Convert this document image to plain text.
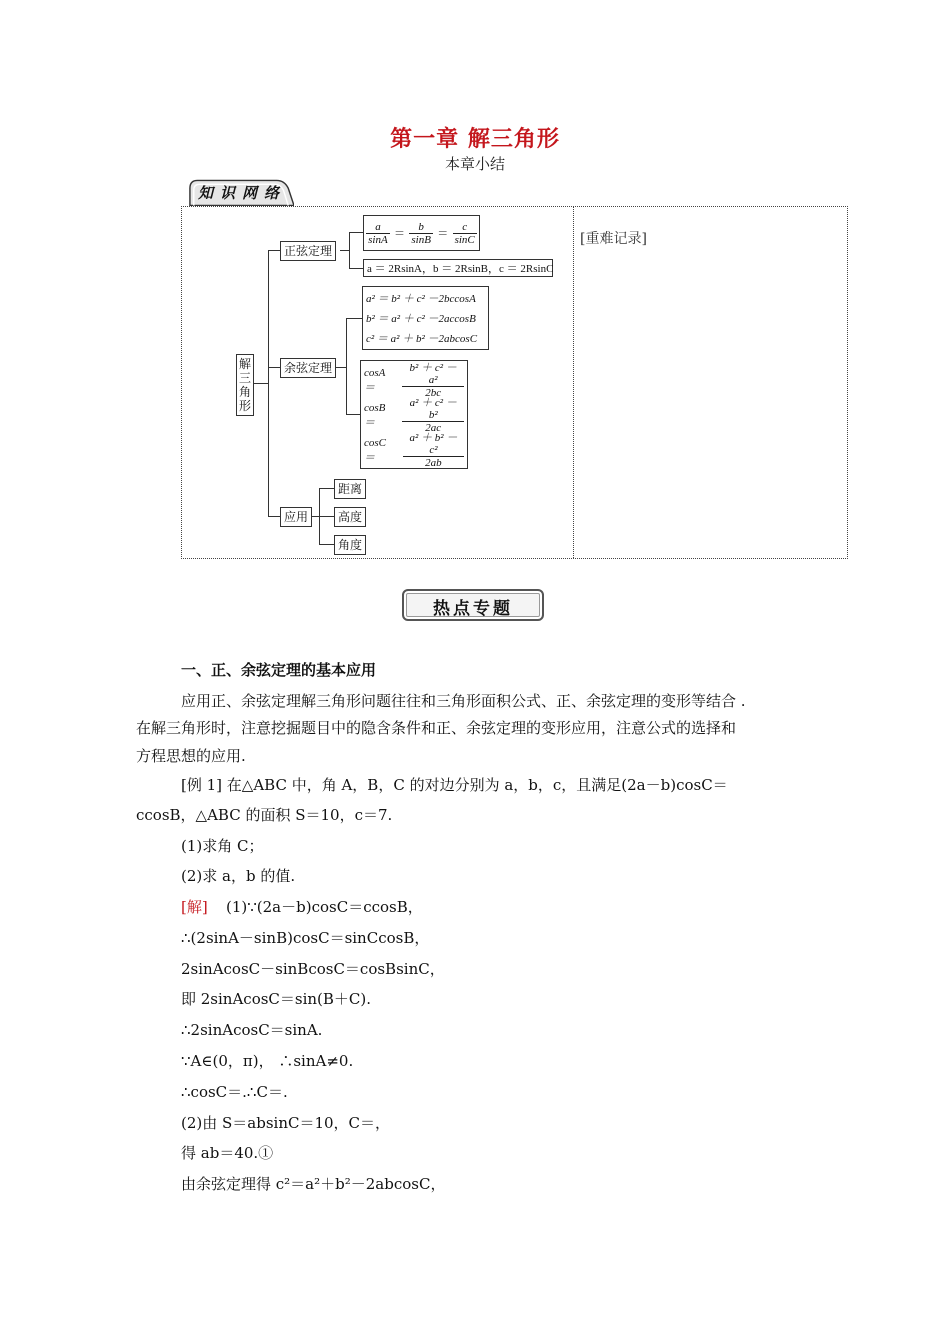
第一章 解三角形
本章小结
知识网络
[重难记录]
解
三
角
形
正弦定理
余弦定理
应用
$\frac{a}{\sin A} = \frac{b}{\sin B} = \frac{c}{\sin C}$
a ＝ 2RsinA，b ＝ 2RsinB，c ＝ 2RsinC
a² ＝ b² ＋ c² －2bccosA
b² ＝ a² ＋ c² －2accosB
c² ＝ a² ＋ b² －2abcosC
cosA ＝	$\frac{\text{b² ＋ c² － a²}}{2bc}$
cosB ＝	$\frac{\text{a² ＋ c² － b²}}{2ac}$
cosC ＝	$\frac{\text{a² ＋ b² － c²}}{2ab}$
距离
高度
角度
热点专题
一、正、余弦定理的基本应用
应用正、余弦定理解三角形问题往往和三角形面积公式、正、余弦定理的变形等结合 .
在解三角形时，注意挖掘题目中的隐含条件和正、余弦定理的变形应用，注意公式的选择和
方程思想的应用.
[例 1] 在△ABC 中，角 A，B，C 的对边分别为 a，b，c，且满足(2a－b)cosC＝
ccosB，△ABC 的面积 S＝10，c＝7.
(1)求角 C；
(2)求 a，b 的值.
[解] (1)∵(2a－b)cosC＝ccosB，
∴(2sinA－sinB)cosC＝sinCcosB，
2sinAcosC－sinBcosC＝cosBsinC，
即 2sinAcosC＝sin(B＋C).
∴2sinAcosC＝sinA.
∵A∈(0，π)， ∴sinA≠0.
∴cosC＝.∴C＝.
(2)由 S＝absinC＝10，C＝，
得 ab＝40.①
由余弦定理得 c²＝a²＋b²－2abcosC，
